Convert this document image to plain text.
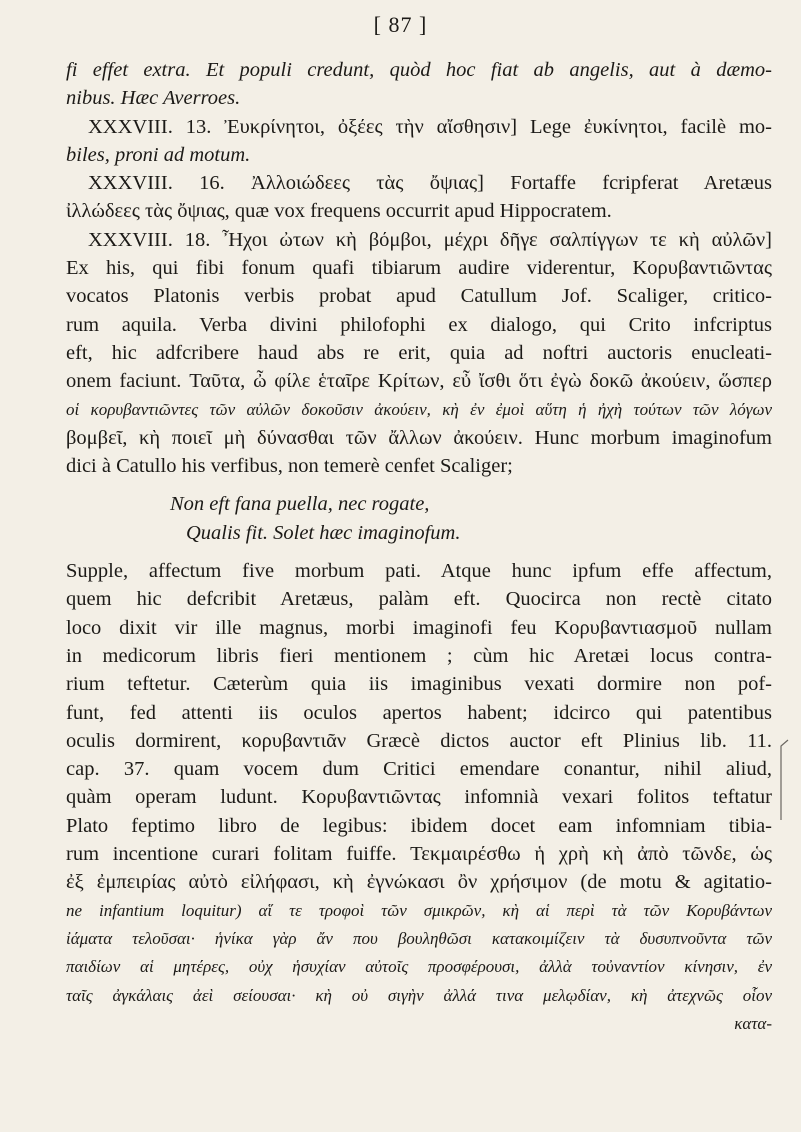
[ 87 ]
fi effet extra. Et populi credunt, quòd hoc fiat ab angelis, aut à dæmo-
nibus. Hæc Averroes.
XXXVIII. 13. Ἐυκρίνητοι, ὀξέες τὴν αἴσθησιν] Lege ἐυκίνητοι, facilè mo-
biles, proni ad motum.
XXXVIII. 16. Ἀλλοιώδεες τὰς ὄψιας] Fortaffe fcripferat Aretæus
ἰλλώδεες τὰς ὄψιας, quæ vox frequens occurrit apud Hippocratem.
XXXVIII. 18. Ἦχοι ὠτων κὴ βόμβοι, μέχρι δῆγε σαλπίγγων τε κὴ αὐλῶν]
Ex his, qui fibi fonum quafi tibiarum audire viderentur, Κορυβαντιῶντας
vocatos Platonis verbis probat apud Catullum Jof. Scaliger, critico-
rum aquila. Verba divini philofophi ex dialogo, qui Crito infcriptus
eft, hic adfcribere haud abs re erit, quia ad noftri auctoris enucleati-
onem faciunt. Ταῦτα, ὦ φίλε ἑταῖρε Κρίτων, εὖ ἴσθι ὅτι ἐγὼ δοκῶ ἀκούειν, ὥσπερ
οἱ κορυβαντιῶντες τῶν αὐλῶν δοκοῦσιν ἀκούειν, κὴ ἐν ἐμοὶ αὕτη ἡ ἠχὴ τούτων τῶν λόγων
βομβεῖ, κὴ ποιεῖ μὴ δύνασθαι τῶν ἄλλων ἀκούειν. Hunc morbum imaginofum
dici à Catullo his verfibus, non temerè cenfet Scaliger;
Non eft fana puella, nec rogate,
Qualis fit. Solet hæc imaginofum.
Supple, affectum five morbum pati. Atque hunc ipfum effe affectum,
quem hic defcribit Aretæus, palàm eft. Quocirca non rectè citato
loco dixit vir ille magnus, morbi imaginofi feu Κορυβαντιασμοῦ nullam
in medicorum libris fieri mentionem ; cùm hic Aretæi locus contra-
rium teftetur. Cæterùm quia iis imaginibus vexati dormire non pof-
funt, fed attenti iis oculos apertos habent; idcirco qui patentibus
oculis dormirent, κορυβαντιᾶν Græcè dictos auctor eft Plinius lib. 11.
cap. 37. quam vocem dum Critici emendare conantur, nihil aliud,
quàm operam ludunt. Κορυβαντιῶντας infomnià vexari folitos teftatur
Plato feptimo libro de legibus: ibidem docet eam infomniam tibia-
rum incentione curari folitam fuiffe. Τεκμαιρέσθω ἡ χρὴ κὴ ἀπὸ τῶνδε, ὡς
ἐξ ἐμπειρίας αὐτὸ εἰλήφασι, κὴ ἐγνώκασι ὂν χρήσιμον (de motu & agitatio-
ne infantium loquitur) αἵ τε τροφοὶ τῶν σμικρῶν, κὴ αἱ περὶ τὰ τῶν Κορυβάντων
ἰάματα τελοῦσαι· ἡνίκα γὰρ ἄν που βουληθῶσι κατακοιμίζειν τὰ δυσυπνοῦντα τῶν
παιδίων αἱ μητέρες, οὐχ ἡσυχίαν αὐτοῖς προσφέρουσι, ἀλλὰ τοὐναντίον κίνησιν, ἐν
ταῖς ἀγκάλαις ἀεὶ σείουσαι· κὴ οὐ σιγὴν ἀλλά τινα μελῳδίαν, κὴ ἀτεχνῶς οἷον
κατα-
